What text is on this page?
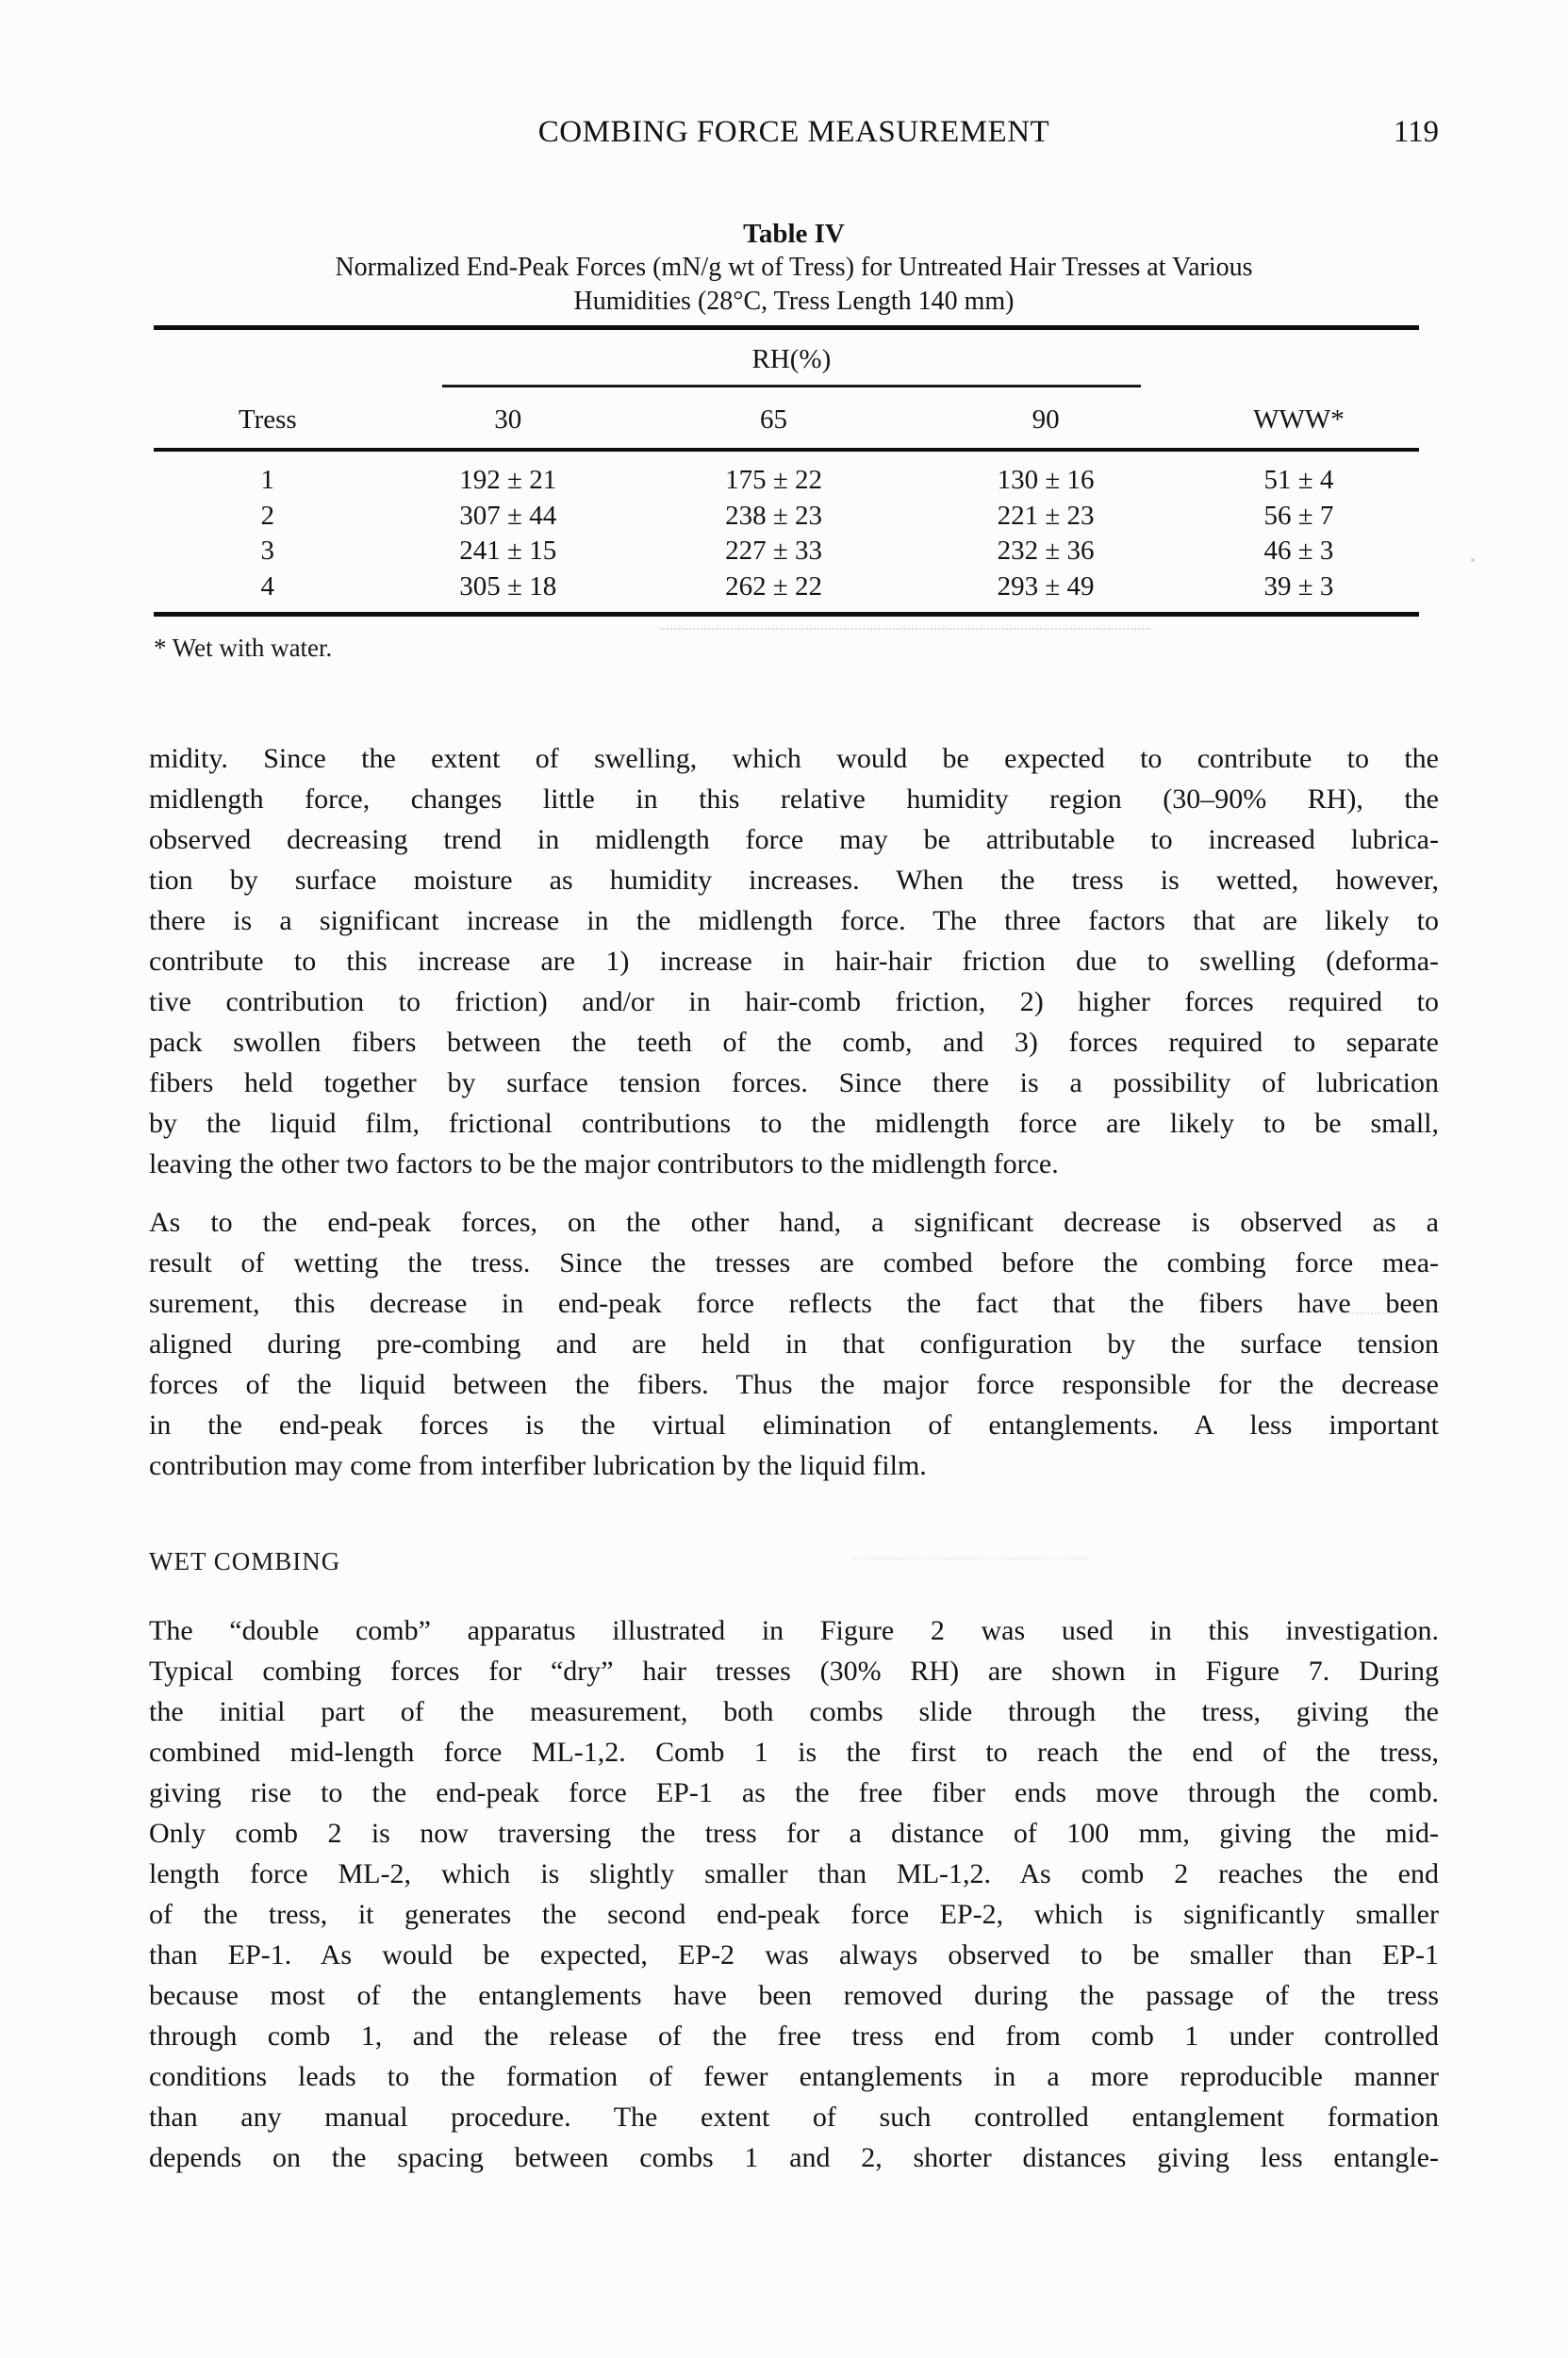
COMBING FORCE MEASUREMENT	119
Table IV
Normalized End-Peak Forces (mN/g wt of Tress) for Untreated Hair Tresses at Various
Humidities (28°C, Tress Length 140 mm)
RH(%)
Tress	30	65	90	WWW*
1	192 ± 21	175 ± 22	130 ± 16	51 ± 4
2	307 ± 44	238 ± 23	221 ± 23	56 ± 7
3	241 ± 15	227 ± 33	232 ± 36	46 ± 3
4	305 ± 18	262 ± 22	293 ± 49	39 ± 3
* Wet with water.
midity. Since the extent of swelling, which would be expected to contribute to the
midlength force, changes little in this relative humidity region (30–90% RH), the
observed decreasing trend in midlength force may be attributable to increased lubrica-
tion by surface moisture as humidity increases. When the tress is wetted, however,
there is a significant increase in the midlength force. The three factors that are likely to
contribute to this increase are 1) increase in hair-hair friction due to swelling (deforma-
tive contribution to friction) and/or in hair-comb friction, 2) higher forces required to
pack swollen fibers between the teeth of the comb, and 3) forces required to separate
fibers held together by surface tension forces. Since there is a possibility of lubrication
by the liquid film, frictional contributions to the midlength force are likely to be small,
leaving the other two factors to be the major contributors to the midlength force.
As to the end-peak forces, on the other hand, a significant decrease is observed as a
result of wetting the tress. Since the tresses are combed before the combing force mea-
surement, this decrease in end-peak force reflects the fact that the fibers have been
aligned during pre-combing and are held in that configuration by the surface tension
forces of the liquid between the fibers. Thus the major force responsible for the decrease
in the end-peak forces is the virtual elimination of entanglements. A less important
contribution may come from interfiber lubrication by the liquid film.
WET COMBING
The “double comb” apparatus illustrated in Figure 2 was used in this investigation.
Typical combing forces for “dry” hair tresses (30% RH) are shown in Figure 7. During
the initial part of the measurement, both combs slide through the tress, giving the
combined mid-length force ML-1,2. Comb 1 is the first to reach the end of the tress,
giving rise to the end-peak force EP-1 as the free fiber ends move through the comb.
Only comb 2 is now traversing the tress for a distance of 100 mm, giving the mid-
length force ML-2, which is slightly smaller than ML-1,2. As comb 2 reaches the end
of the tress, it generates the second end-peak force EP-2, which is significantly smaller
than EP-1. As would be expected, EP-2 was always observed to be smaller than EP-1
because most of the entanglements have been removed during the passage of the tress
through comb 1, and the release of the free tress end from comb 1 under controlled
conditions leads to the formation of fewer entanglements in a more reproducible manner
than any manual procedure. The extent of such controlled entanglement formation
depends on the spacing between combs 1 and 2, shorter distances giving less entangle-
